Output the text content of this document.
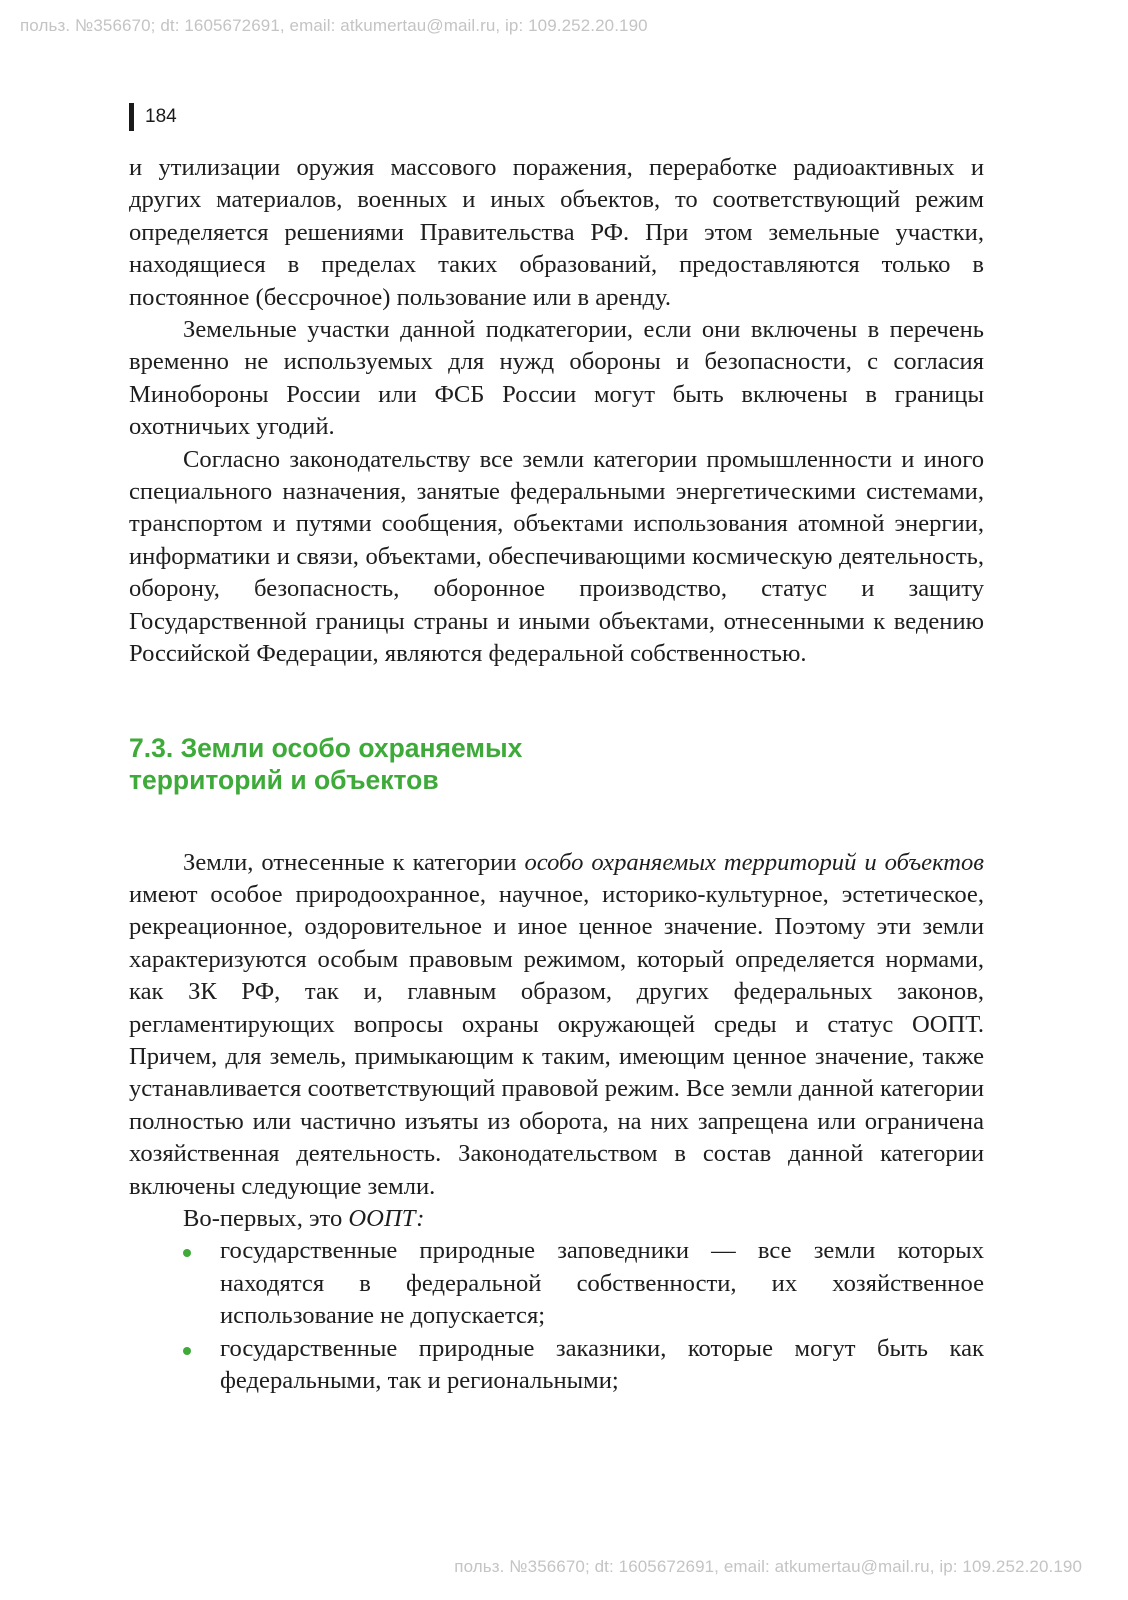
польз. №356670; dt: 1605672691, email: atkumertau@mail.ru, ip: 109.252.20.190
184

и утилизации оружия массового поражения, переработке радиоактивных и других материалов, военных и иных объектов, то соответствующий режим определяется решениями Правительства РФ. При этом земельные участки, находящиеся в пределах таких образований, предоставляются только в постоянное (бессрочное) пользование или в аренду.

Земельные участки данной подкатегории, если они включены в перечень временно не используемых для нужд обороны и безопасности, с согласия Минобороны России или ФСБ России могут быть включены в границы охотничьих угодий.

Согласно законодательству все земли категории промышленности и иного специального назначения, занятые федеральными энергетическими системами, транспортом и путями сообщения, объектами использования атомной энергии, информатики и связи, объектами, обеспечивающими космическую деятельность, оборону, безопасность, оборонное производство, статус и защиту Государственной границы страны и иными объектами, отнесенными к ведению Российской Федерации, являются федеральной собственностью.

7.3. Земли особо охраняемых
территорий и объектов

Земли, отнесенные к категории особо охраняемых территорий и объектов имеют особое природоохранное, научное, историко-культурное, эстетическое, рекреационное, оздоровительное и иное ценное значение. Поэтому эти земли характеризуются особым правовым режимом, который определяется нормами, как ЗК РФ, так и, главным образом, других федеральных законов, регламентирующих вопросы охраны окружающей среды и статус ООПТ. Причем, для земель, примыкающим к таким, имеющим ценное значение, также устанавливается соответствующий правовой режим. Все земли данной категории полностью или частично изъяты из оборота, на них запрещена или ограничена хозяйственная деятельность. Законодательством в состав данной категории включены следующие земли.

Во-первых, это ООПТ:

государственные природные заповедники — все земли которых находятся в федеральной собственности, их хозяйственное использование не допускается;
государственные природные заказники, которые могут быть как федеральными, так и региональными;
польз. №356670; dt: 1605672691, email: atkumertau@mail.ru, ip: 109.252.20.190
